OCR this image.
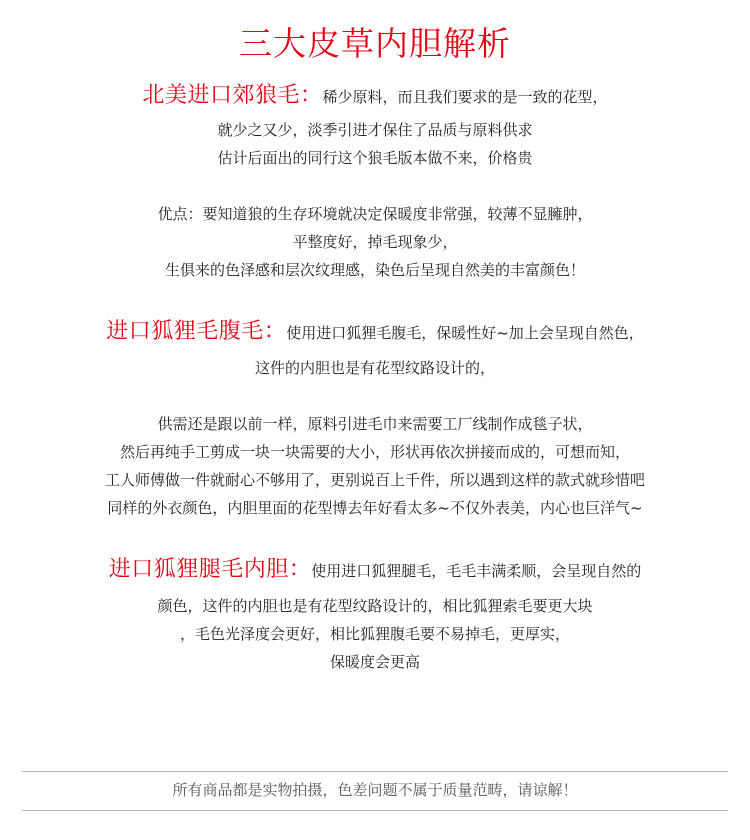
三大皮草内胆解析
北美进口郊狼毛：稀少原料，而且我们要求的是一致的花型，
就少之又少，淡季引进才保住了品质与原料供求
估计后面出的同行这个狼毛版本做不来，价格贵
优点：要知道狼的生存环境就决定保暖度非常强，较薄不显臃肿，
平整度好，掉毛现象少，
生俱来的色泽感和层次纹理感，染色后呈现自然美的丰富颜色！
进口狐狸毛腹毛：使用进口狐狸毛腹毛，保暖性好~加上会呈现自然色，
这件的内胆也是有花型纹路设计的，
供需还是跟以前一样，原料引进毛巾来需要工厂线制作成毯子状，
然后再纯手工剪成一块一块需要的大小，形状再依次拼接而成的，可想而知，
工人师傅做一件就耐心不够用了，更别说百上千件，所以遇到这样的款式就珍惜吧
同样的外衣颜色，内胆里面的花型博去年好看太多~不仅外表美，内心也巨洋气~
进口狐狸腿毛内胆：使用进口狐狸腿毛，毛毛丰满柔顺，会呈现自然的
颜色，这件的内胆也是有花型纹路设计的，相比狐狸索毛要更大块
，毛色光泽度会更好，相比狐狸腹毛要不易掉毛，更厚实，
保暖度会更高
所有商品都是实物拍摄，色差问题不属于质量范畴，请谅解！
